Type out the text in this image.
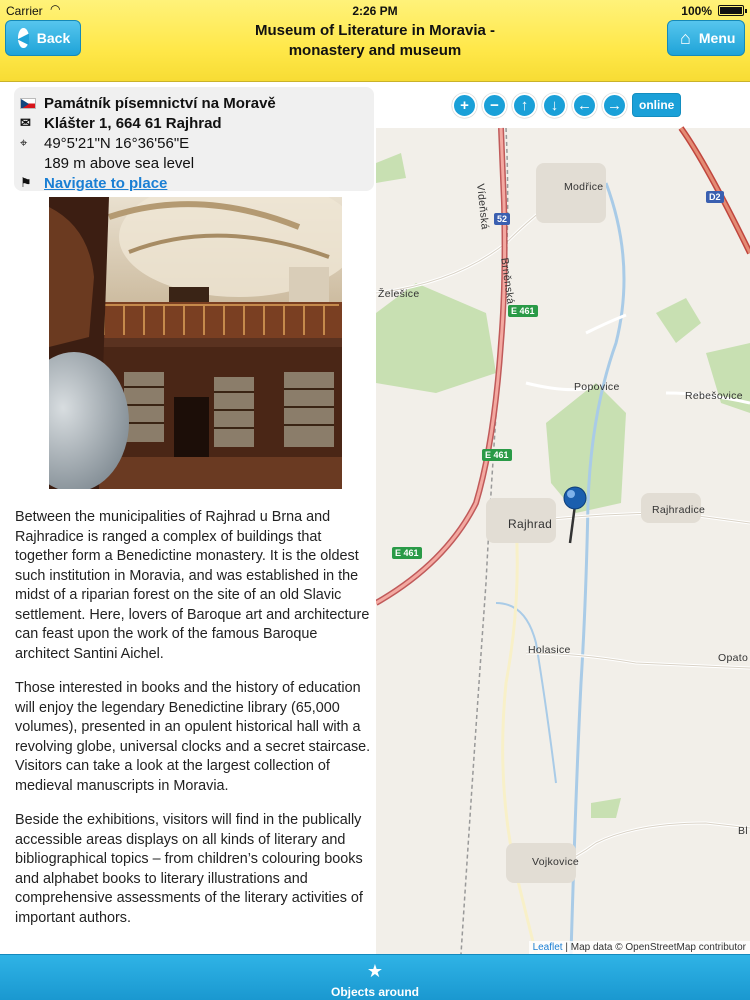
Carrier ◠	2:26 PM	100%
◀ Back	Museum of Literature in Moravia -
monastery and museum
⌂ Menu
Památník písemnictví na Moravě
✉ Klášter 1, 664 61 Rajhrad
⌖	49°5'21"N 16°36'56"E
189 m above sea level
⚑ Navigate to place

Between the municipalities of Rajhrad u Brna and Rajhradice is ranged a complex of buildings that together form a Benedictine monastery. It is the oldest such institution in Moravia, and was established in the midst of a riparian forest on the site of an old Slavic settlement. Here, lovers of Baroque art and architecture can feast upon the work of the famous Baroque architect Santini Aichel.

Those interested in books and the history of education will enjoy the legendary Benedictine library (65,000 volumes), presented in an opulent historical hall with a revolving globe, universal clocks and a secret staircase. Visitors can take a look at the largest collection of medieval manuscripts in Moravia.

Beside the exhibitions, visitors will find in the publically accessible areas displays on all kinds of literary and bibliographical topics – from children’s colouring books and alphabet books to literary illustrations and comprehensive assessments of the literary activities of important authors.

+	−	↑	↓	←	→	online
Modřice
Želešice
Popovice
Rebešovice
Rajhrad
Rajhradice
Holasice
Opato
Bl
Vojkovice
Vídeňská
Brněnská
52
D2
E 461
E 461
E 461
Leaflet | Map data © OpenStreetMap contributor
★
Objects around
